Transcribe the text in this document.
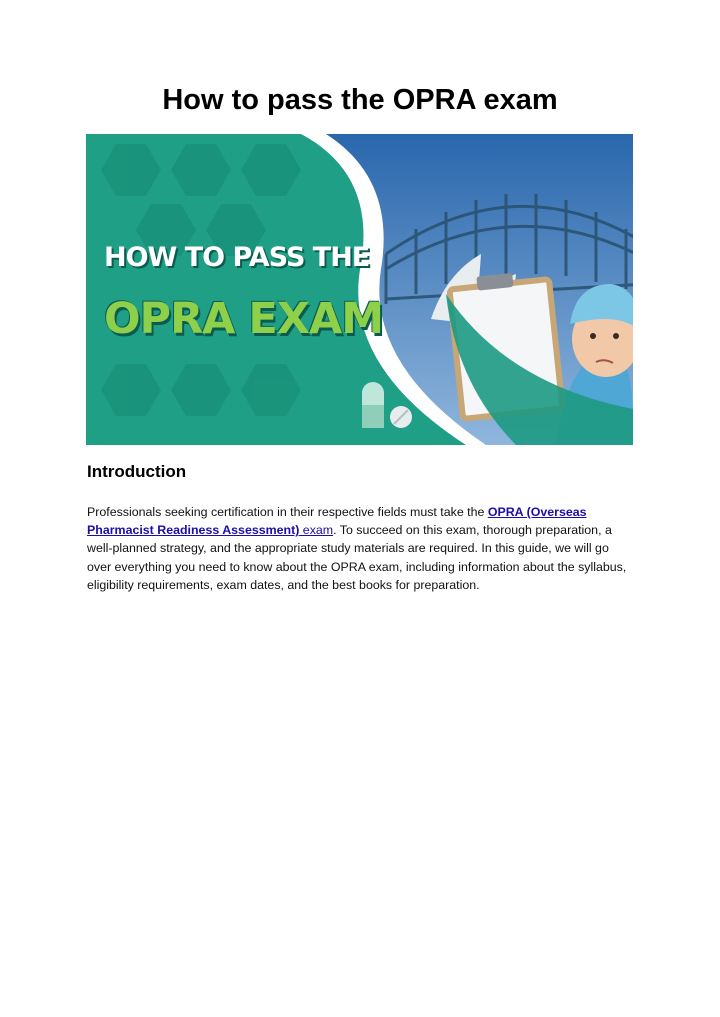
How to pass the OPRA exam

HOW TO PASS THE

OPRA EXAM

Introduction

Professionals seeking certification in their respective fields must take the OPRA (Overseas Pharmacist Readiness Assessment) exam. To succeed on this exam, thorough preparation, a well-planned strategy, and the appropriate study materials are required. In this guide, we will go over everything you need to know about the OPRA exam, including information about the syllabus, eligibility requirements, exam dates, and the best books for preparation.
